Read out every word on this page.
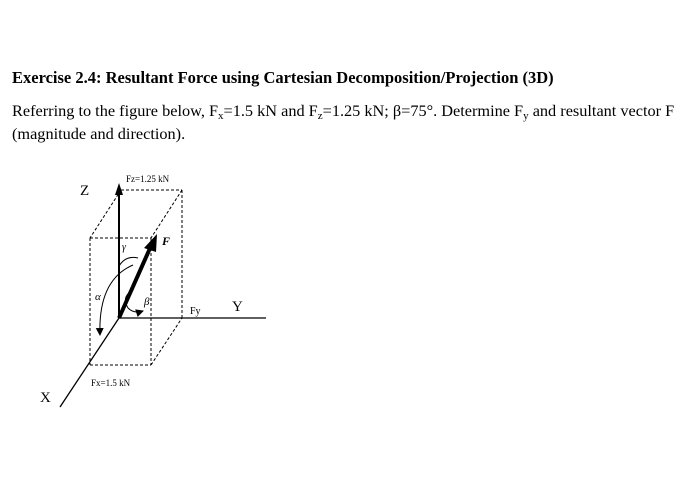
Exercise 2.4: Resultant Force using Cartesian Decomposition/Projection (3D)
Referring to the figure below, $F_x=1.5$ kN and $F_z=1.25$ kN; β=75°. Determine $F_y$ and resultant vector F (magnitude and direction).
Z
Y
X
Fz=1.25 kN
Fy
Fx=1.5 kN
F
α	β
γ
